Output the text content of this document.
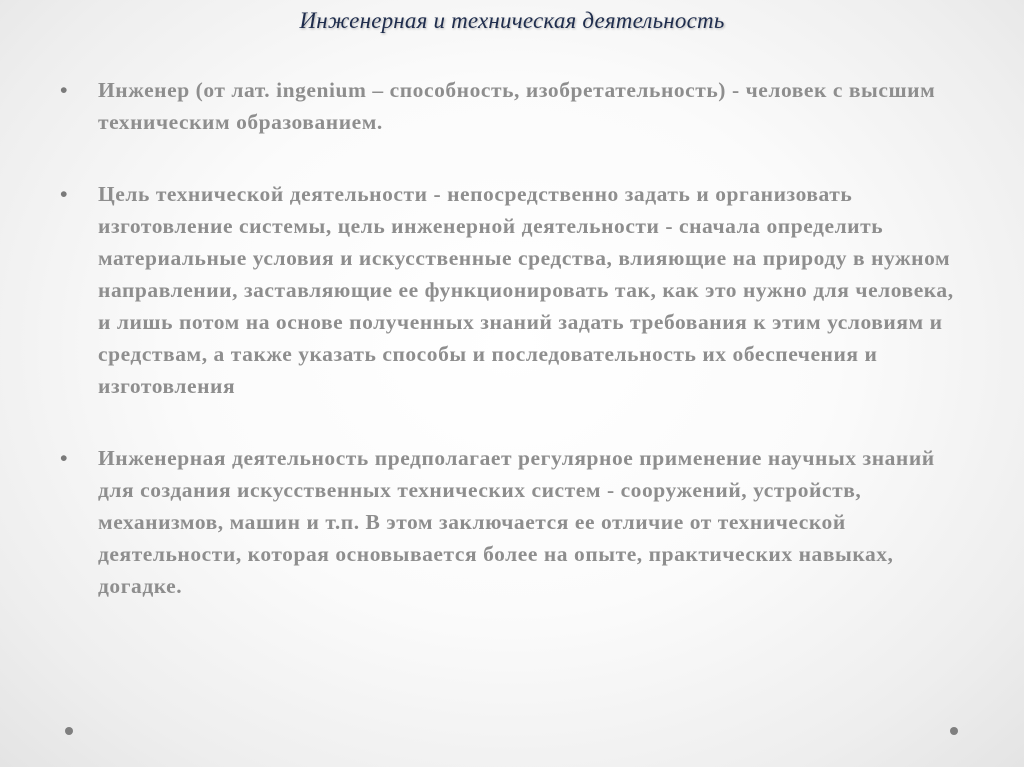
Инженерная и техническая деятельность
• Инженер (от лат. ingenium – способность, изобретательность) - человек с высшим техническим образованием.
• Цель технической деятельности - непосредственно задать и организовать изготовление системы, цель инженерной деятельности - сначала определить материальные условия и искусственные средства, влияющие на природу в нужном направлении, заставляющие ее функционировать так, как это нужно для человека, и лишь потом на основе полученных знаний задать требования к этим условиям и средствам, а также указать способы и последовательность их обеспечения и изготовления
• Инженерная деятельность предполагает регулярное применение научных знаний для создания искусственных технических систем - сооружений, устройств, механизмов, машин и т.п. В этом заключается ее отличие от технической деятельности, которая основывается более на опыте, практических навыках, догадке.
